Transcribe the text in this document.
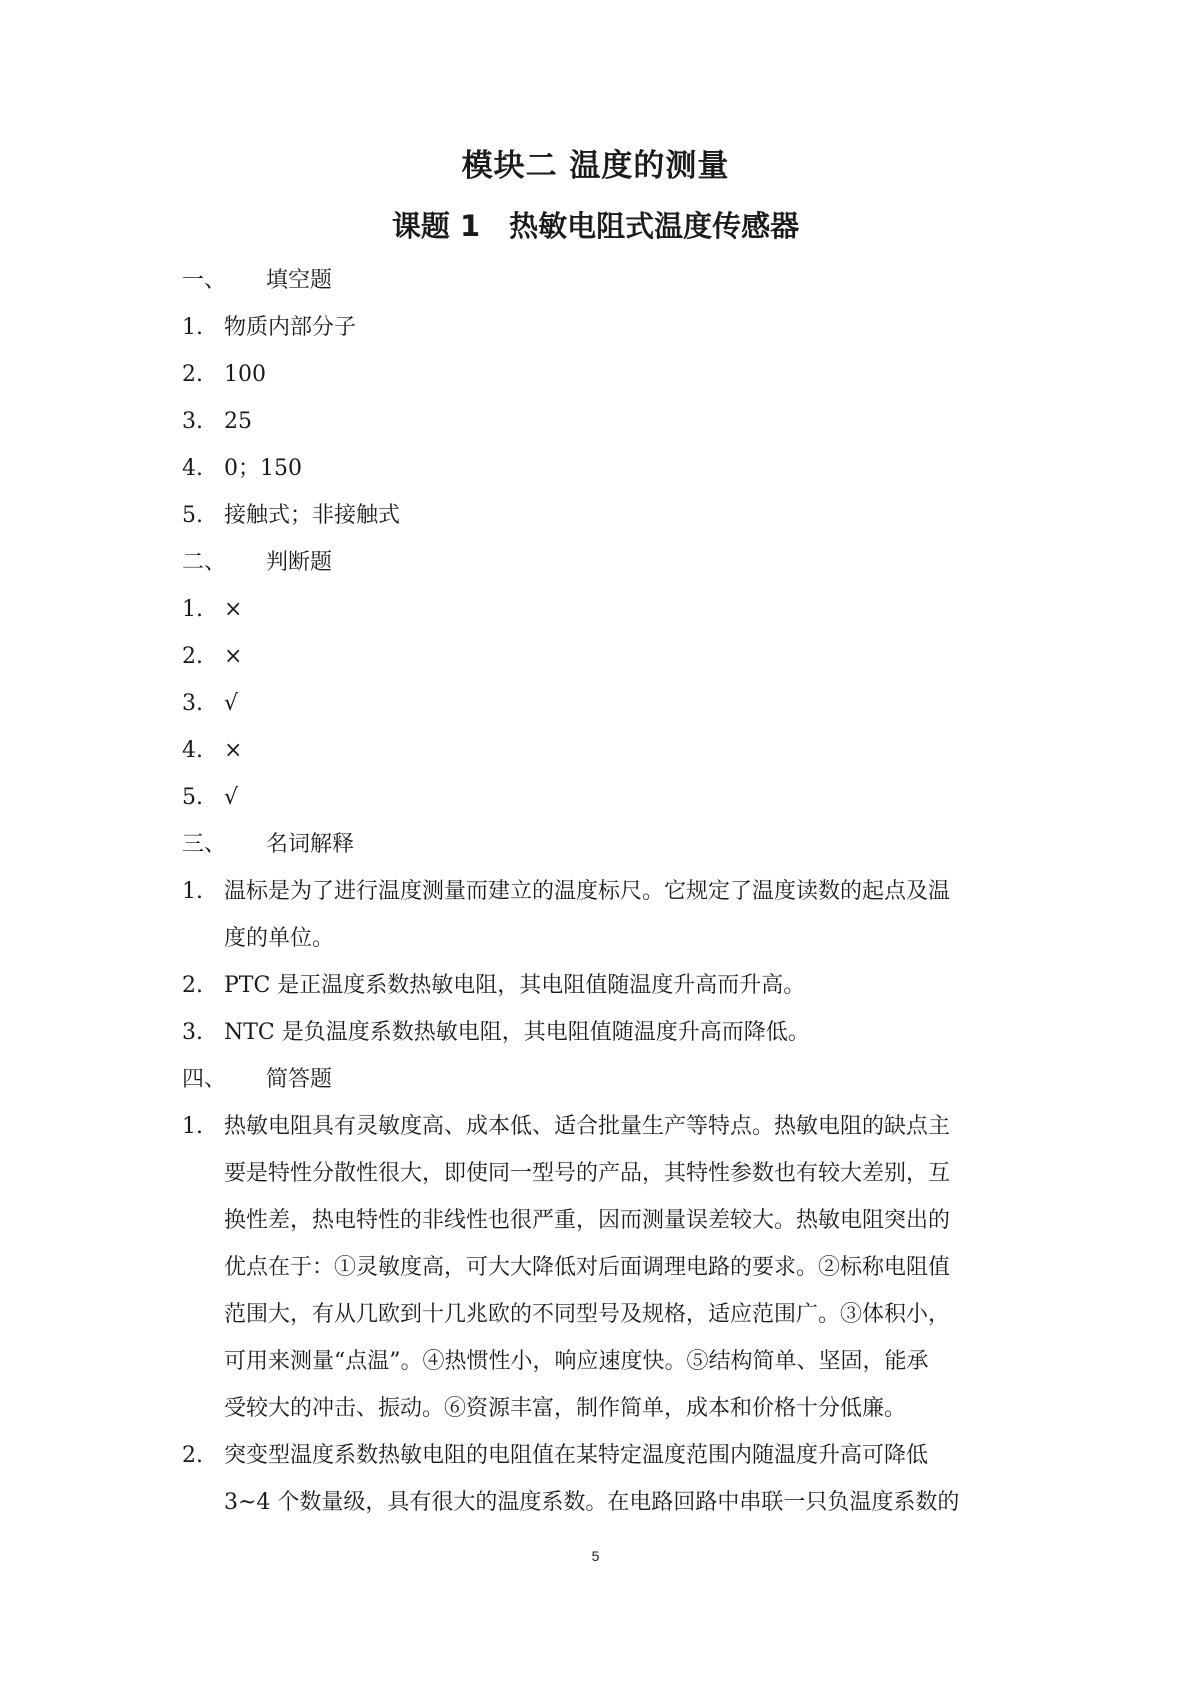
模块二 温度的测量
课题 1　热敏电阻式温度传感器
一、 填空题
1. 物质内部分子
2. 100
3. 25
4. 0；150
5. 接触式；非接触式
二、 判断题
1. ×
2. ×
3. √
4. ×
5. √
三、 名词解释
1. 温标是为了进行温度测量而建立的温度标尺。它规定了温度读数的起点及温
度的单位。
2. PTC 是正温度系数热敏电阻，其电阻值随温度升高而升高。
3. NTC 是负温度系数热敏电阻，其电阻值随温度升高而降低。
四、 简答题
1. 热敏电阻具有灵敏度高、成本低、适合批量生产等特点。热敏电阻的缺点主
要是特性分散性很大，即使同一型号的产品，其特性参数也有较大差别，互
换性差，热电特性的非线性也很严重，因而测量误差较大。热敏电阻突出的
优点在于：①灵敏度高，可大大降低对后面调理电路的要求。②标称电阻值
范围大，有从几欧到十几兆欧的不同型号及规格，适应范围广。③体积小，
可用来测量“点温”。④热惯性小，响应速度快。⑤结构简单、坚固，能承
受较大的冲击、振动。⑥资源丰富，制作简单，成本和价格十分低廉。
2. 突变型温度系数热敏电阻的电阻值在某特定温度范围内随温度升高可降低
3~4 个数量级，具有很大的温度系数。在电路回路中串联一只负温度系数的
5
